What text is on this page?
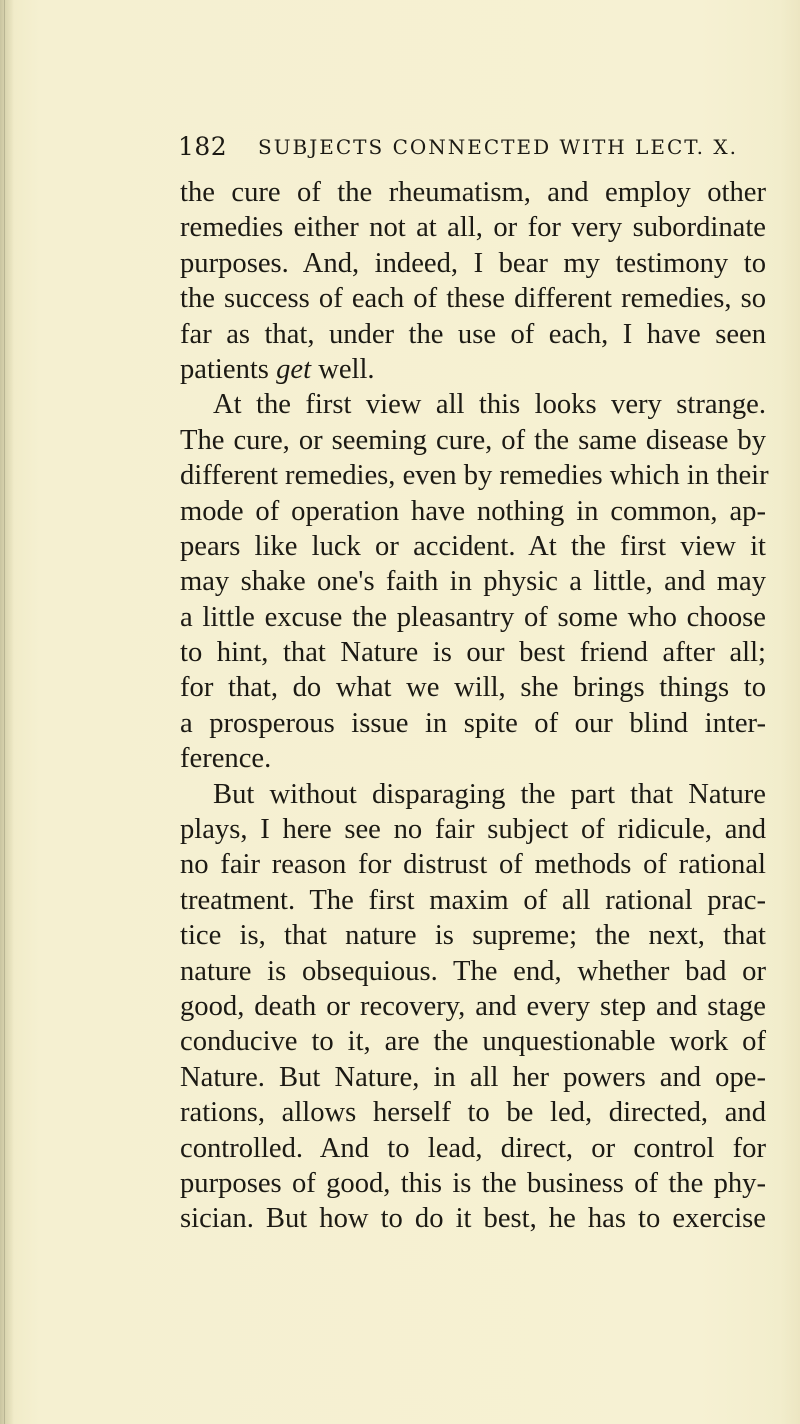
182 SUBJECTS CONNECTED WITH LECT. X.
the cure of the rheumatism, and employ other
remedies either not at all, or for very subordinate
purposes. And, indeed, I bear my testimony to
the success of each of these different remedies, so
far as that, under the use of each, I have seen
patients get well.
At the first view all this looks very strange.
The cure, or seeming cure, of the same disease by
different remedies, even by remedies which in their
mode of operation have nothing in common, ap-
pears like luck or accident. At the first view it
may shake one's faith in physic a little, and may
a little excuse the pleasantry of some who choose
to hint, that Nature is our best friend after all;
for that, do what we will, she brings things to
a prosperous issue in spite of our blind inter-
ference.
But without disparaging the part that Nature
plays, I here see no fair subject of ridicule, and
no fair reason for distrust of methods of rational
treatment. The first maxim of all rational prac-
tice is, that nature is supreme; the next, that
nature is obsequious. The end, whether bad or
good, death or recovery, and every step and stage
conducive to it, are the unquestionable work of
Nature. But Nature, in all her powers and ope-
rations, allows herself to be led, directed, and
controlled. And to lead, direct, or control for
purposes of good, this is the business of the phy-
sician. But how to do it best, he has to exercise
